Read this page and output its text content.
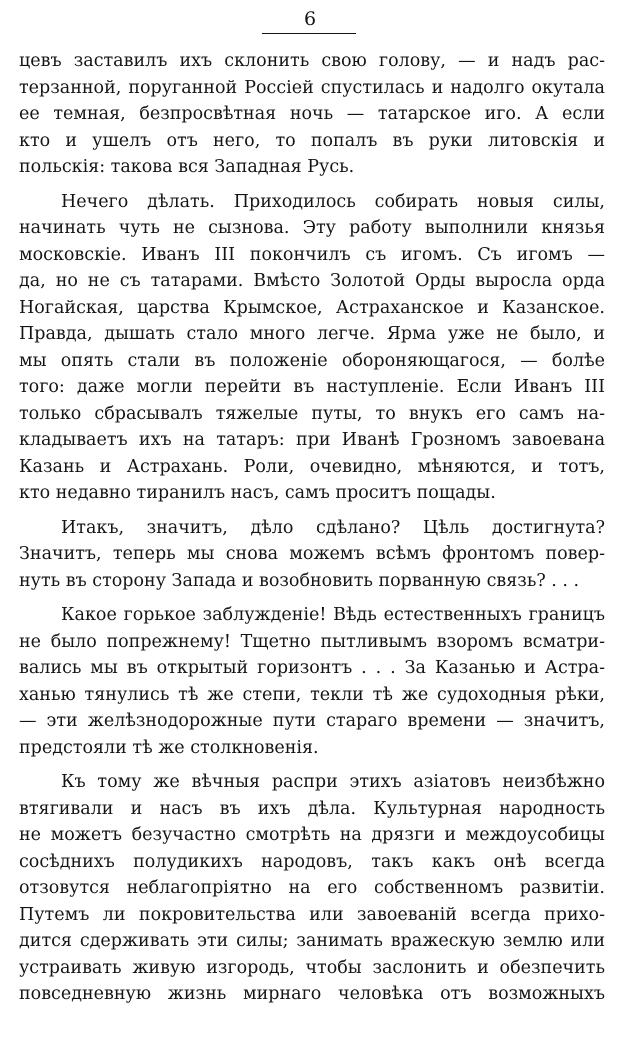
6
цевъ заставилъ ихъ склонить свою голову, — и надъ рас-
терзанной, поруганной Россіей спустилась и надолго окутала
ее темная, безпросвѣтная ночь — татарское иго. А если
кто и ушелъ отъ него, то попалъ въ руки литовскія и
польскія: такова вся Западная Русь.
Нечего дѣлать. Приходилось собирать новыя силы,
начинать чуть не сызнова. Эту работу выполнили князья
московскіе. Иванъ III покончилъ съ игомъ. Съ игомъ —
да, но не съ татарами. Вмѣсто Золотой Орды выросла орда
Ногайская, царства Крымское, Астраханское и Казанское.
Правда, дышать стало много легче. Ярма уже не было, и
мы опять стали въ положеніе обороняющагося, — болѣе
того: даже могли перейти въ наступленіе. Если Иванъ III
только сбрасывалъ тяжелые путы, то внукъ его самъ на-
кладываетъ ихъ на татаръ: при Иванѣ Грозномъ завоевана
Казань и Астрахань. Роли, очевидно, мѣняются, и тотъ,
кто недавно тиранилъ насъ, самъ проситъ пощады.
Итакъ, значитъ, дѣло сдѣлано? Цѣль достигнута?
Значитъ, теперь мы снова можемъ всѣмъ фронтомъ повер-
нуть въ сторону Запада и возобновить порванную связь? . . .
Какое горькое заблужденіе! Вѣдь естественныхъ границъ
не было попрежнему! Тщетно пытливымъ взоромъ всматри-
вались мы въ открытый горизонтъ . . . За Казанью и Астра-
ханью тянулись тѣ же степи, текли тѣ же судоходныя рѣки,
— эти желѣзнодорожные пути стараго времени — значитъ,
предстояли тѣ же столкновенія.
Къ тому же вѣчныя распри этихъ азіатовъ неизбѣжно
втягивали и насъ въ ихъ дѣла. Культурная народность
не можетъ безучастно смотрѣть на дрязги и междоусобицы
сосѣднихъ полудикихъ народовъ, такъ какъ онѣ всегда
отзовутся неблагопріятно на его собственномъ развитіи.
Путемъ ли покровительства или завоеваній всегда прихо-
дится сдерживать эти силы; занимать вражескую землю или
устраивать живую изгородь, чтобы заслонить и обезпечить
повседневную жизнь мирнаго человѣка отъ возможныхъ
